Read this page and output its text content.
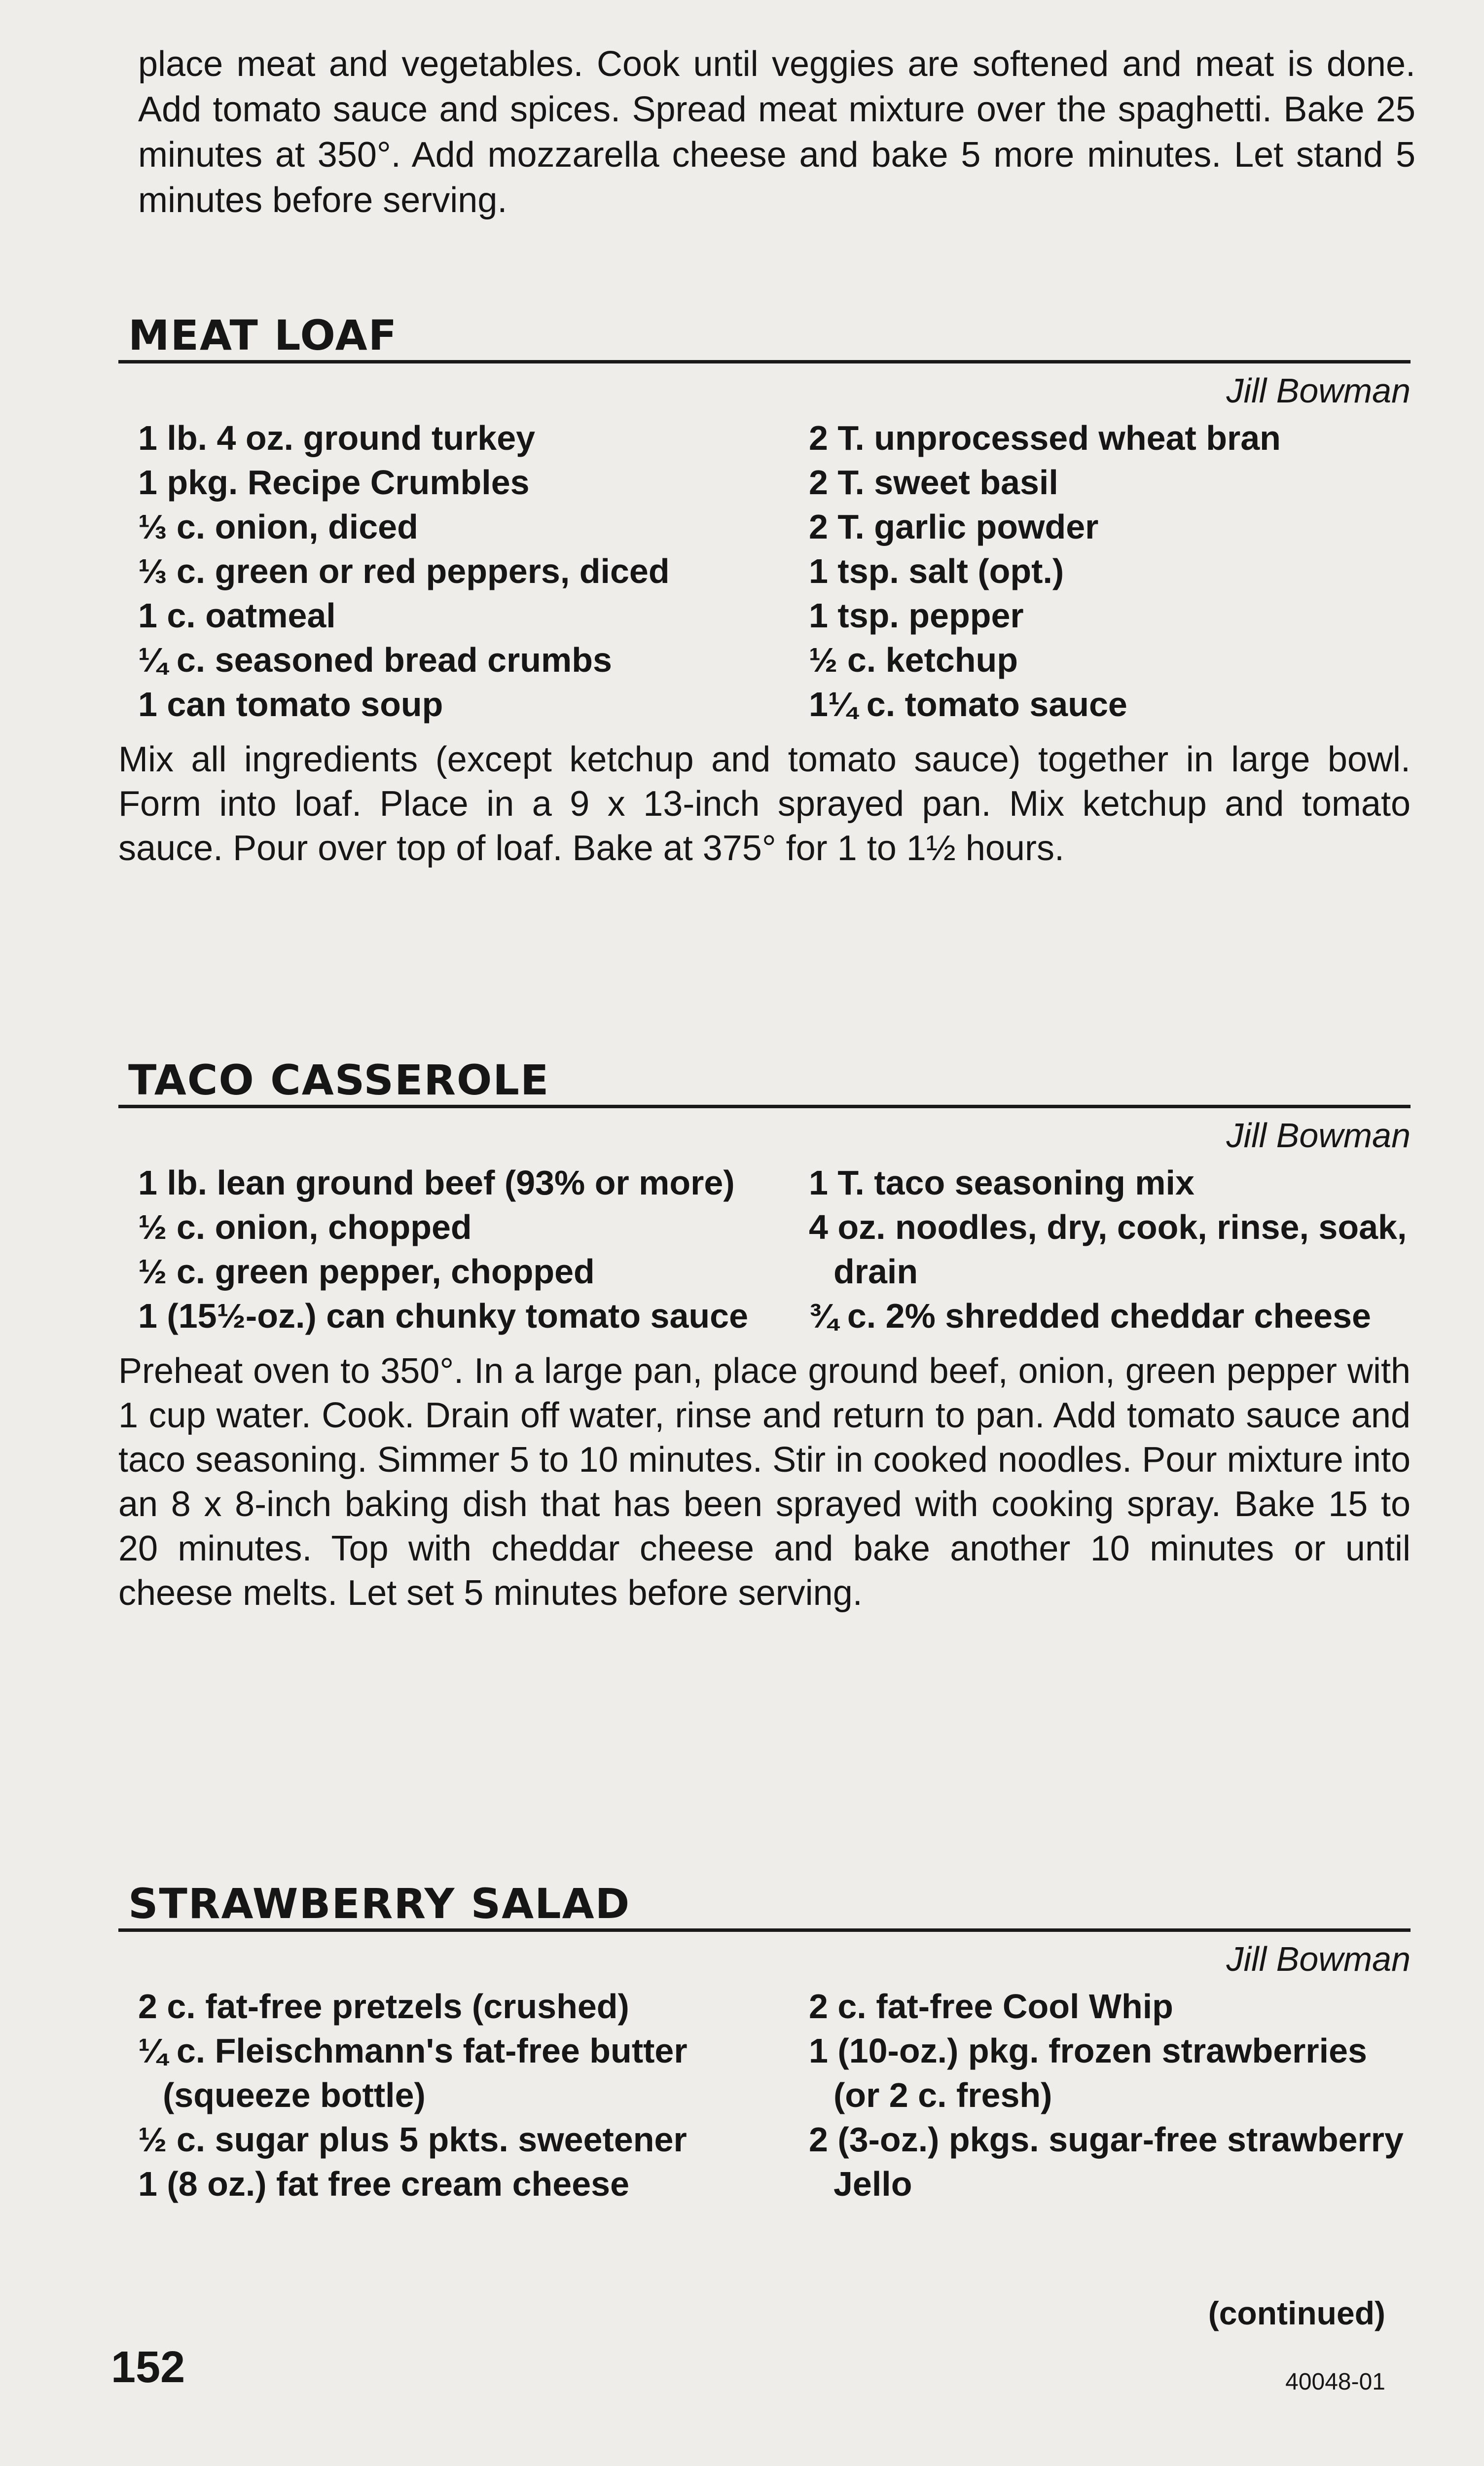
place meat and vegetables. Cook until veggies are softened and meat is done. Add tomato sauce and spices. Spread meat mixture over the spaghetti. Bake 25 minutes at 350°. Add mozzarella cheese and bake 5 more minutes. Let stand 5 minutes before serving.

MEAT LOAF

Jill Bowman

1 lb. 4 oz. ground turkey
1 pkg. Recipe Crumbles
⅓ c. onion, diced
⅓ c. green or red peppers, diced
1 c. oatmeal
¼ c. seasoned bread crumbs
1 can tomato soup
2 T. unprocessed wheat bran
2 T. sweet basil
2 T. garlic powder
1 tsp. salt (opt.)
1 tsp. pepper
½ c. ketchup
1¼ c. tomato sauce

Mix all ingredients (except ketchup and tomato sauce) together in large bowl. Form into loaf. Place in a 9 x 13-inch sprayed pan. Mix ketchup and tomato sauce. Pour over top of loaf. Bake at 375° for 1 to 1½ hours.

TACO CASSEROLE

Jill Bowman

1 lb. lean ground beef (93% or more)
½ c. onion, chopped
½ c. green pepper, chopped
1 (15½-oz.) can chunky tomato sauce
1 T. taco seasoning mix
4 oz. noodles, dry, cook, rinse, soak, drain
¾ c. 2% shredded cheddar cheese

Preheat oven to 350°. In a large pan, place ground beef, onion, green pepper with 1 cup water. Cook. Drain off water, rinse and return to pan. Add tomato sauce and taco seasoning. Simmer 5 to 10 minutes. Stir in cooked noodles. Pour mixture into an 8 x 8-inch baking dish that has been sprayed with cooking spray. Bake 15 to 20 minutes. Top with cheddar cheese and bake another 10 minutes or until cheese melts. Let set 5 minutes before serving.

STRAWBERRY SALAD

Jill Bowman

2 c. fat-free pretzels (crushed)
¼ c. Fleischmann's fat-free butter (squeeze bottle)
½ c. sugar plus 5 pkts. sweetener
1 (8 oz.) fat free cream cheese
2 c. fat-free Cool Whip
1 (10-oz.) pkg. frozen strawberries (or 2 c. fresh)
2 (3-oz.) pkgs. sugar-free strawberry Jello
(continued)
152	40048-01
